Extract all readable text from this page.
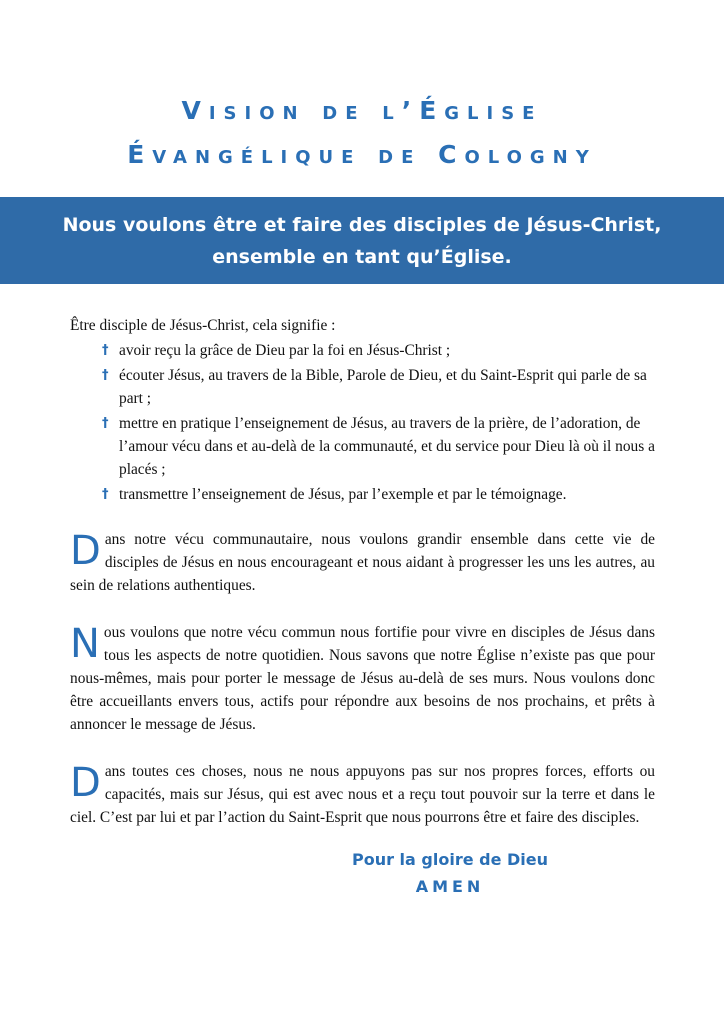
Vision de l’Église
Évangélique de Cologny
Nous voulons être et faire des disciples de Jésus-Christ,
ensemble en tant qu’Église.

Être disciple de Jésus-Christ, cela signifie :

† avoir reçu la grâce de Dieu par la foi en Jésus-Christ ;
† écouter Jésus, au travers de la Bible, Parole de Dieu, et du Saint-Esprit qui parle de sa part ;
† mettre en pratique l’enseignement de Jésus, au travers de la prière, de l’adoration, de l’amour vécu dans et au-delà de la communauté, et du service pour Dieu là où il nous a placés ;
† transmettre l’enseignement de Jésus, par l’exemple et par le témoignage.

Dans notre vécu communautaire, nous voulons grandir ensemble dans cette vie de disciples de Jésus en nous encourageant et nous aidant à progresser les uns les autres, au sein de relations authentiques.

Nous voulons que notre vécu commun nous fortifie pour vivre en disciples de Jésus dans tous les aspects de notre quotidien. Nous savons que notre Église n’existe pas que pour nous-mêmes, mais pour porter le message de Jésus au-delà de ses murs. Nous voulons donc être accueillants envers tous, actifs pour répondre aux besoins de nos prochains, et prêts à annoncer le message de Jésus.

Dans toutes ces choses, nous ne nous appuyons pas sur nos propres forces, efforts ou capacités, mais sur Jésus, qui est avec nous et a reçu tout pouvoir sur la terre et dans le ciel. C’est par lui et par l’action du Saint-Esprit que nous pourrons être et faire des disciples.

Pour la gloire de Dieu
AMEN
